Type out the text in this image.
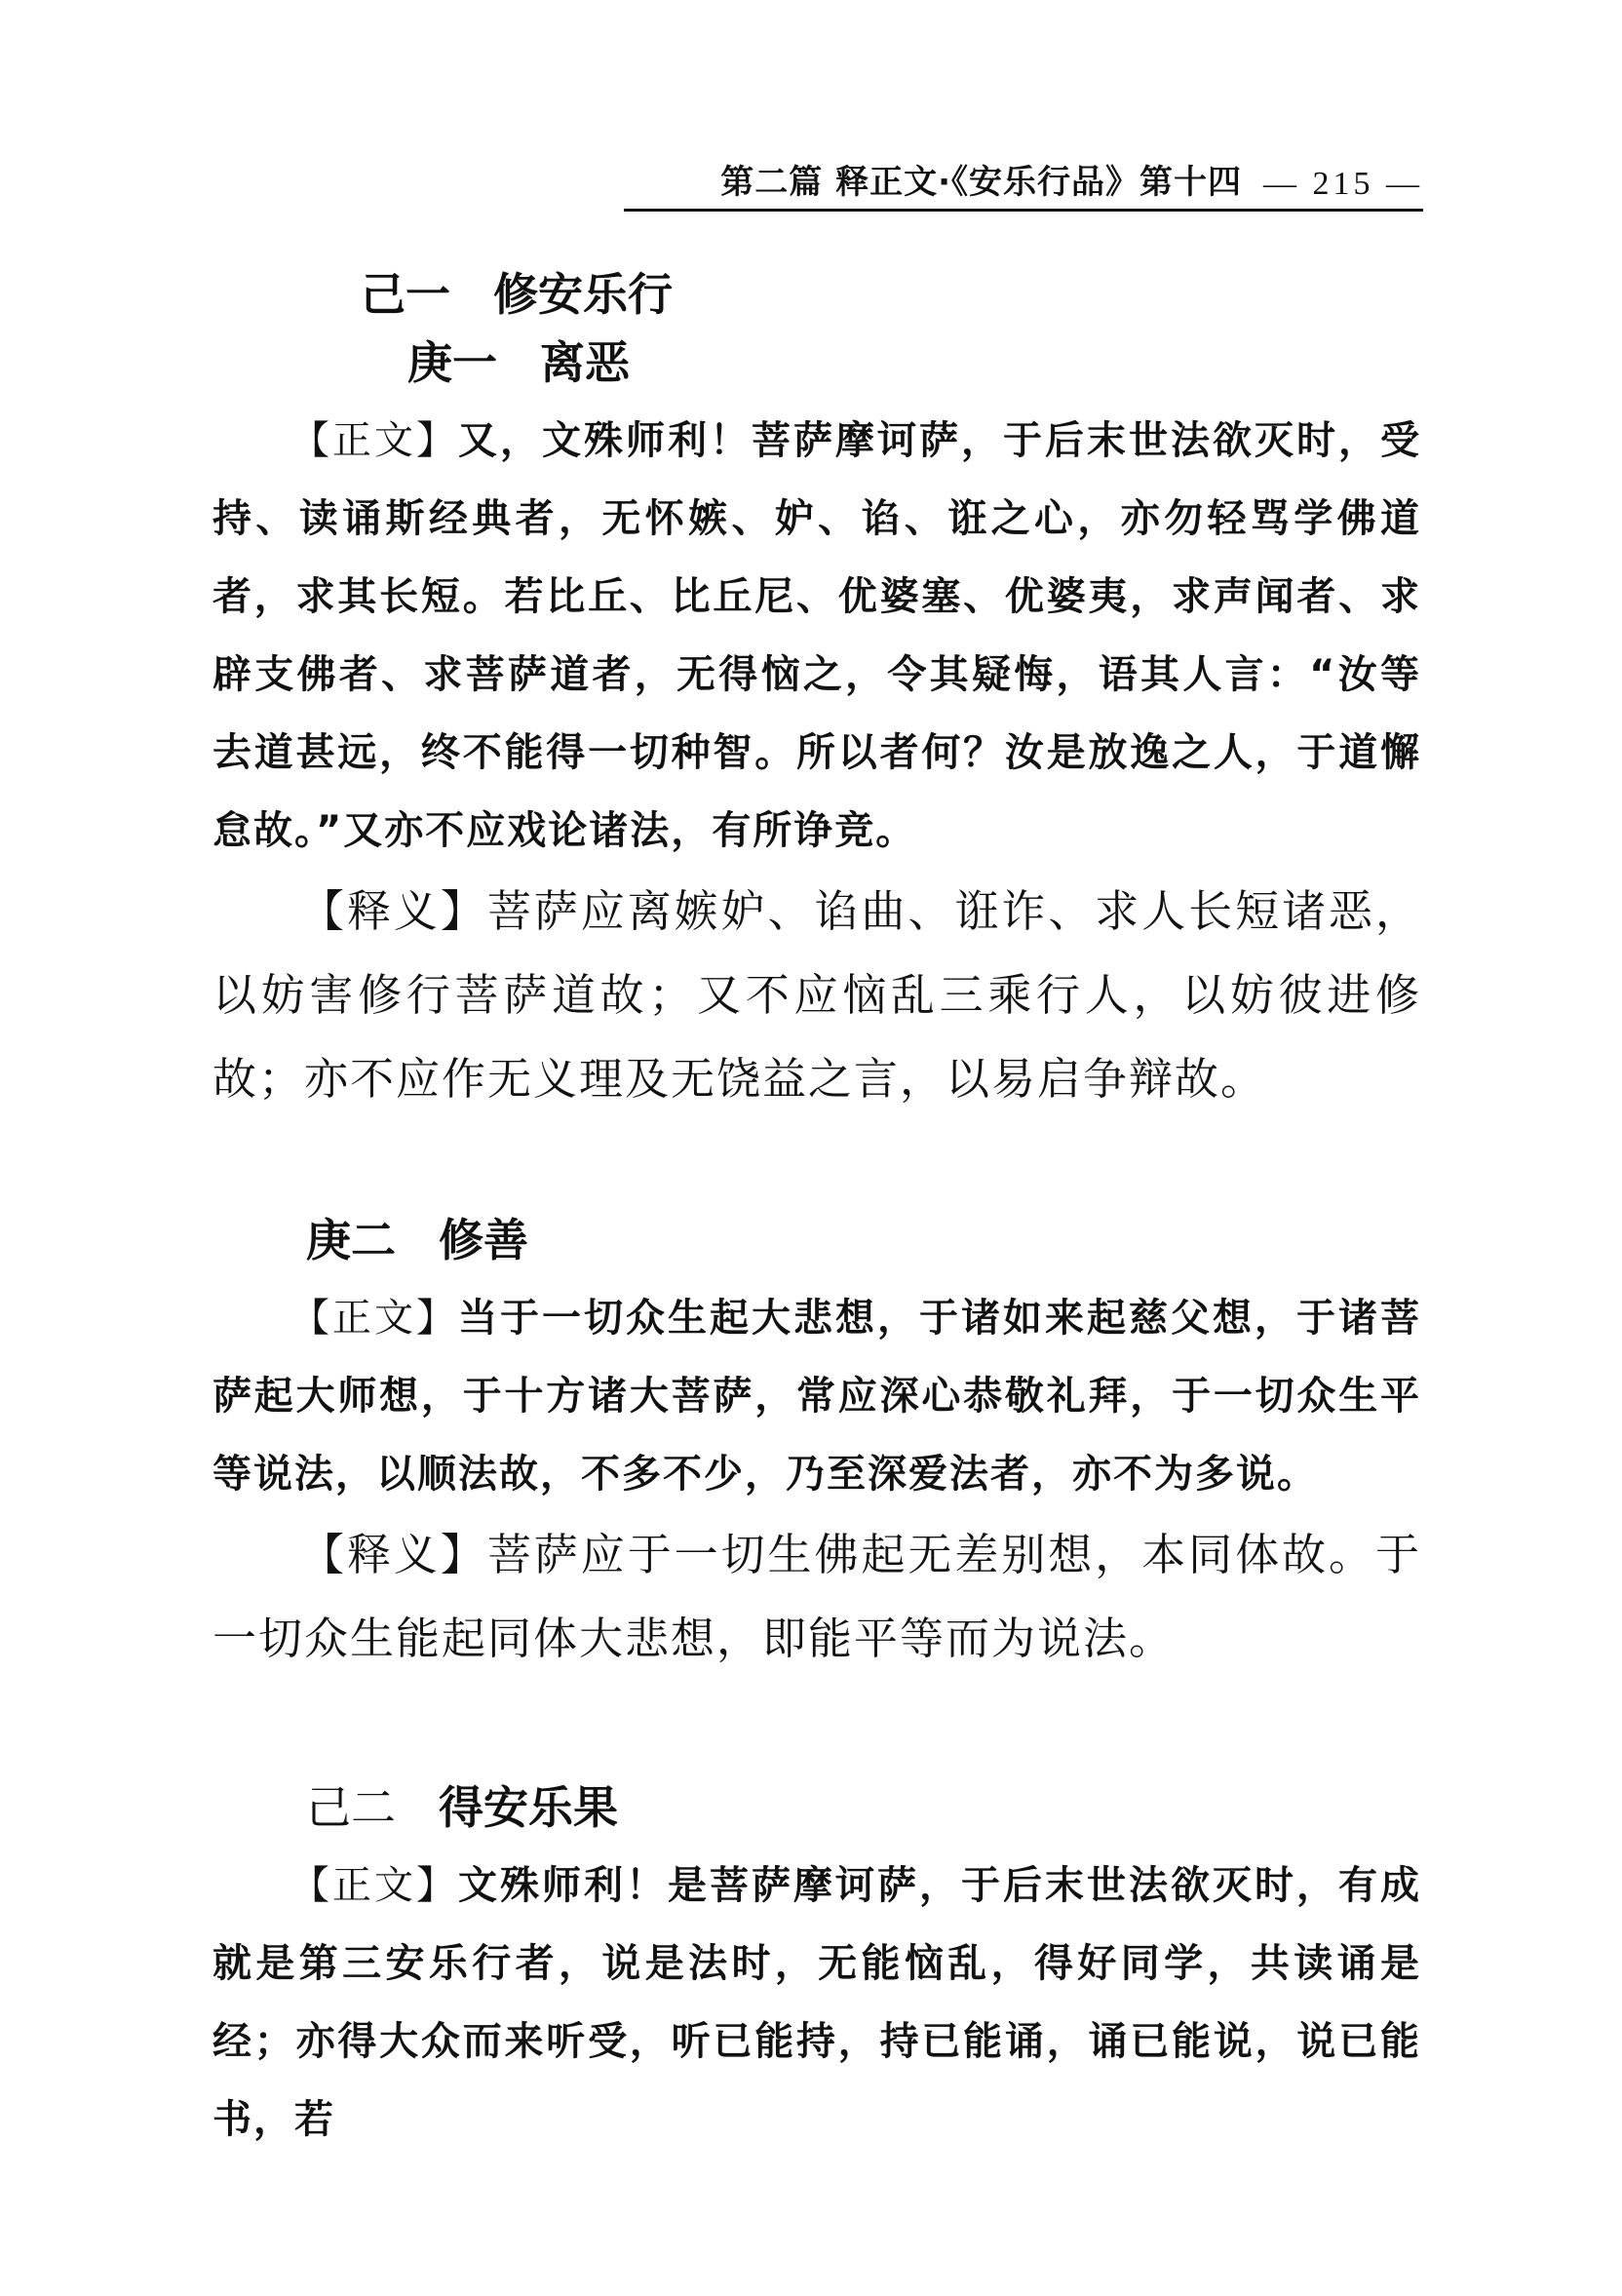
第二篇 释正文·《安乐行品》第十四 — 215 —
己一 修安乐行
庚一 离恶

【正文】又，文殊师利！菩萨摩诃萨，于后末世法欲灭时，受持、读诵斯经典者，无怀嫉、妒、谄、诳之心，亦勿轻骂学佛道者，求其长短。若比丘、比丘尼、优婆塞、优婆夷，求声闻者、求辟支佛者、求菩萨道者，无得恼之，令其疑悔，语其人言：“汝等去道甚远，终不能得一切种智。所以者何？汝是放逸之人，于道懈怠故。”又亦不应戏论诸法，有所诤竞。

【释义】菩萨应离嫉妒、谄曲、诳诈、求人长短诸恶，以妨害修行菩萨道故；又不应恼乱三乘行人，以妨彼进修故；亦不应作无义理及无饶益之言，以易启争辩故。

庚二 修善

【正文】当于一切众生起大悲想，于诸如来起慈父想，于诸菩萨起大师想，于十方诸大菩萨，常应深心恭敬礼拜，于一切众生平等说法，以顺法故，不多不少，乃至深爱法者，亦不为多说。

【释义】菩萨应于一切生佛起无差别想，本同体故。于一切众生能起同体大悲想，即能平等而为说法。

己二 得安乐果

【正文】文殊师利！是菩萨摩诃萨，于后末世法欲灭时，有成就是第三安乐行者，说是法时，无能恼乱，得好同学，共读诵是经；亦得大众而来听受，听已能持，持已能诵，诵已能说，说已能书，若
